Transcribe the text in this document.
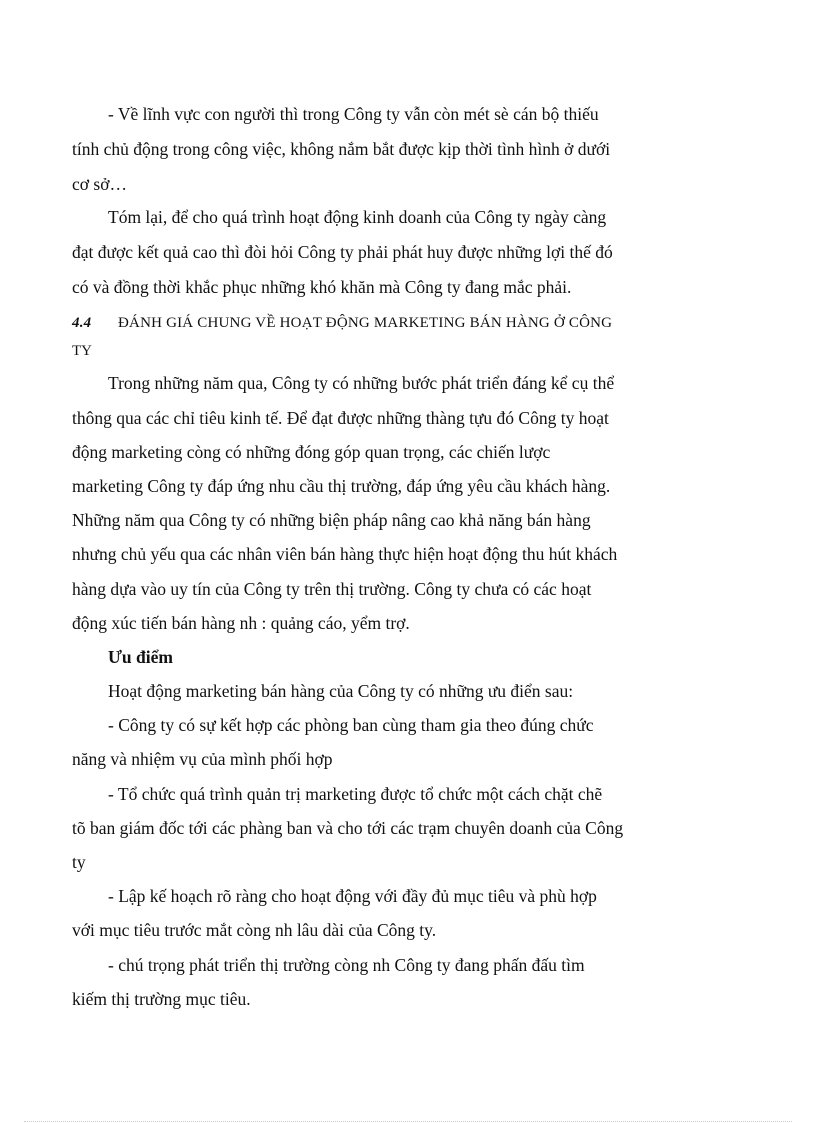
- Về lĩnh vực con người thì trong Công ty vẫn còn mét sè cán bộ thiếu
tính chủ động trong công việc, không nắm bắt được kịp thời tình hình ở dưới
cơ sở…
Tóm lại, để cho quá trình hoạt động kinh doanh của Công ty ngày càng
đạt được kết quả cao thì đòi hỏi Công ty phải phát huy được những lợi thế đó
có và đồng thời khắc phục những khó khăn mà Công ty đang mắc phải.
4.4 ĐÁNH GIÁ CHUNG VỀ HOẠT ĐỘNG MARKETING BÁN HÀNG Ở CÔNG
TY
Trong những năm qua, Công ty có những bước phát triển đáng kể cụ thể
thông qua các chỉ tiêu kinh tế. Để đạt được những thàng tựu đó Công ty hoạt
động marketing còng có những đóng góp quan trọng, các chiến lược
marketing Công ty đáp ứng nhu cầu thị trường, đáp ứng yêu cầu khách hàng.
Những năm qua Công ty có những biện pháp nâng cao khả năng bán hàng
nhưng chủ yếu qua các nhân viên bán hàng thực hiện hoạt động thu hút khách
hàng dựa vào uy tín của Công ty trên thị trường. Công ty chưa có các hoạt
động xúc tiến bán hàng nh : quảng cáo, yểm trợ.
Ưu điểm
Hoạt động marketing bán hàng của Công ty có những ưu điển sau:
- Công ty có sự kết hợp các phòng ban cùng tham gia theo đúng chức
năng và nhiệm vụ của mình phối hợp
- Tổ chức quá trình quản trị marketing được tổ chức một cách chặt chẽ
tõ ban giám đốc tới các phàng ban và cho tới các trạm chuyên doanh của Công
ty
- Lập kế hoạch rõ ràng cho hoạt động với đầy đủ mục tiêu và phù hợp
với mục tiêu trước mắt còng nh lâu dài của Công ty.
- chú trọng phát triển thị trường còng nh Công ty đang phấn đấu tìm
kiếm thị trường mục tiêu.
